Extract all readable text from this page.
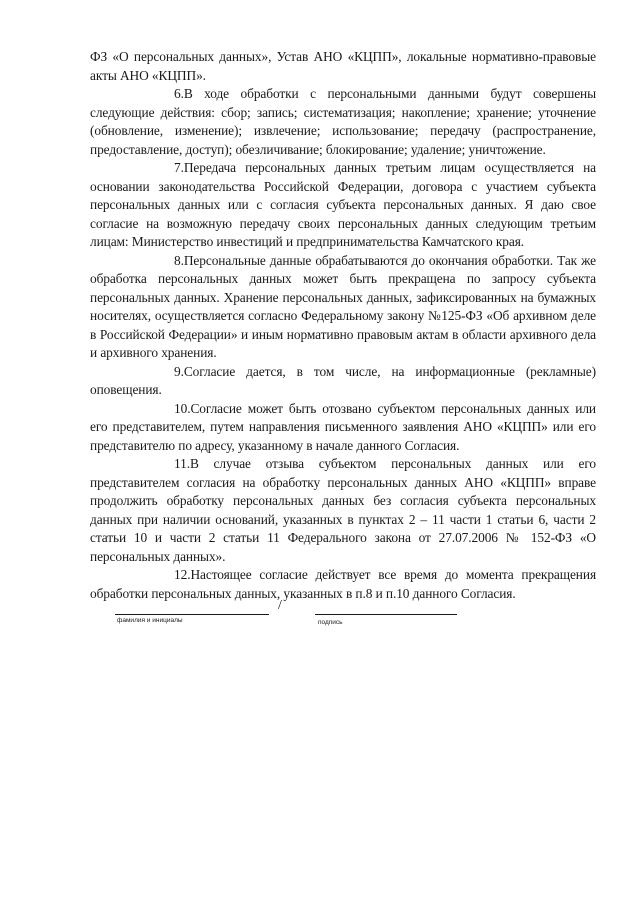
ФЗ «О персональных данных», Устав АНО «КЦПП», локальные нормативно-правовые акты АНО «КЦПП».

6.В ходе обработки с персональными данными будут совершены следующие действия: сбор; запись; систематизация; накопление; хранение; уточнение (обновление, изменение); извлечение; использование; передачу (распространение, предоставление, доступ); обезличивание; блокирование; удаление; уничтожение.

7.Передача персональных данных третьим лицам осуществляется на основании законодательства Российской Федерации, договора с участием субъекта персональных данных или с согласия субъекта персональных данных. Я даю свое согласие на возможную передачу своих персональных данных следующим третьим лицам: Министерство инвестиций и предпринимательства Камчатского края.

8.Персональные данные обрабатываются до окончания обработки. Так же обработка персональных данных может быть прекращена по запросу субъекта персональных данных. Хранение персональных данных, зафиксированных на бумажных носителях, осуществляется согласно Федеральному закону №125-ФЗ «Об архивном деле в Российской Федерации» и иным нормативно правовым актам в области архивного дела и архивного хранения.

9.Согласие дается, в том числе, на информационные (рекламные) оповещения.

10.Согласие может быть отозвано субъектом персональных данных или его представителем, путем направления письменного заявления АНО «КЦПП» или его представителю по адресу, указанному в начале данного Согласия.

11.В случае отзыва субъектом персональных данных или его представителем согласия на обработку персональных данных АНО «КЦПП» вправе продолжить обработку персональных данных без согласия субъекта персональных данных при наличии оснований, указанных в пунктах 2 – 11 части 1 статьи 6, части 2 статьи 10 и части 2 статьи 11 Федерального закона от 27.07.2006 № 152-ФЗ «О персональных данных».

12.Настоящее согласие действует все время до момента прекращения обработки персональных данных, указанных в п.8 и п.10 данного Согласия.

/
фамилия и инициалы	подпись
